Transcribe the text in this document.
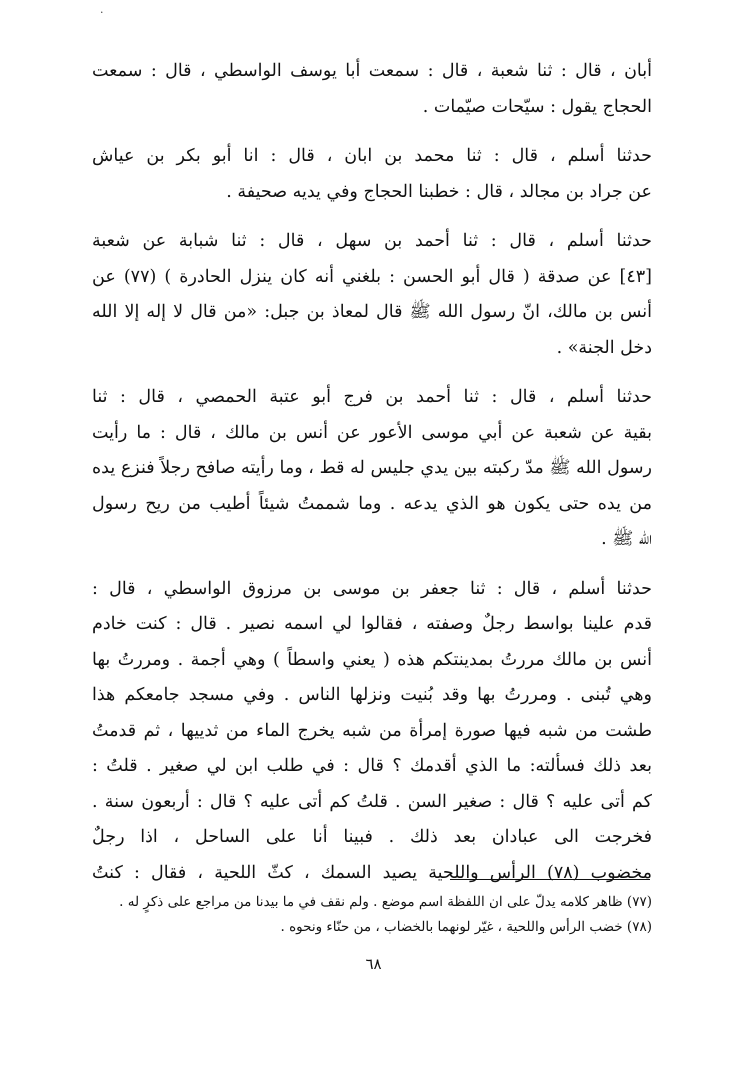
·

أبان ، قال : ثنا شعبة ، قال : سمعت أبا يوسف الواسطي ، قال : سمعت
الحجاج يقول : سيّحات صيّمات .

حدثنا أسلم ، قال : ثنا محمد بن ابان ، قال : انا أبو بكر بن عياش
عن جراد بن مجالد ، قال : خطبنا الحجاج وفي يديه صحيفة .

حدثنا أسلم ، قال : ثنا أحمد بن سهل ، قال : ثنا شبابة عن شعبة
[٤٣] عن صدقة ( قال أبو الحسن : بلغني أنه كان ينزل الحادرة ) (٧٧) عن
أنس بن مالك، انّ رسول الله ﷺ قال لمعاذ بن جبل: «من قال لا إله إلا الله
دخل الجنة» .

حدثنا أسلم ، قال : ثنا أحمد بن فرج أبو عتبة الحمصي ، قال : ثنا
بقية عن شعبة عن أبي موسى الأعور عن أنس بن مالك ، قال : ما رأيت
رسول الله ﷺ مدّ ركبته بين يدي جليس له قط ، وما رأيته صافح رجلاً فنزع يده
من يده حتى يكون هو الذي يدعه . وما شممتُ شيئاً أطيب من ريح رسول
الله ﷺ .

حدثنا أسلم ، قال : ثنا جعفر بن موسى بن مرزوق الواسطي ، قال :
قدم علينا بواسط رجلٌ وصفته ، فقالوا لي اسمه نصير . قال : كنت خادم
أنس بن مالك مررتُ بمدينتكم هذه ( يعني واسطاً ) وهي أجمة . ومررتُ بها
وهي تُبنى . ومررتُ بها وقد بُنيت ونزلها الناس . وفي مسجد جامعكم هذا
طشت من شبه فيها صورة إمرأة من شبه يخرج الماء من ثدييها ، ثم قدمتُ
بعد ذلك فسألته: ما الذي أقدمك ؟ قال : في طلب ابن لي صغير . قلتُ :
كم أتى عليه ؟ قال : صغير السن . قلتُ كم أتى عليه ؟ قال : أربعون سنة .
فخرجت الى عبادان بعد ذلك . فبينا أنا على الساحل ، اذا رجلٌ
مخضوب (٧٨) الرأس واللحية يصيد السمك ، كثّ اللحية ، فقال : كنتُ

(٧٧) ظاهر كلامه يدلّ على ان اللفظة اسم موضع . ولم نقف في ما بيدنا من مراجع على ذكرٍ له .
(٧٨) خضب الرأس واللحية ، غيّر لونهما بالخضاب ، من حنّاء ونحوه .
٦٨
